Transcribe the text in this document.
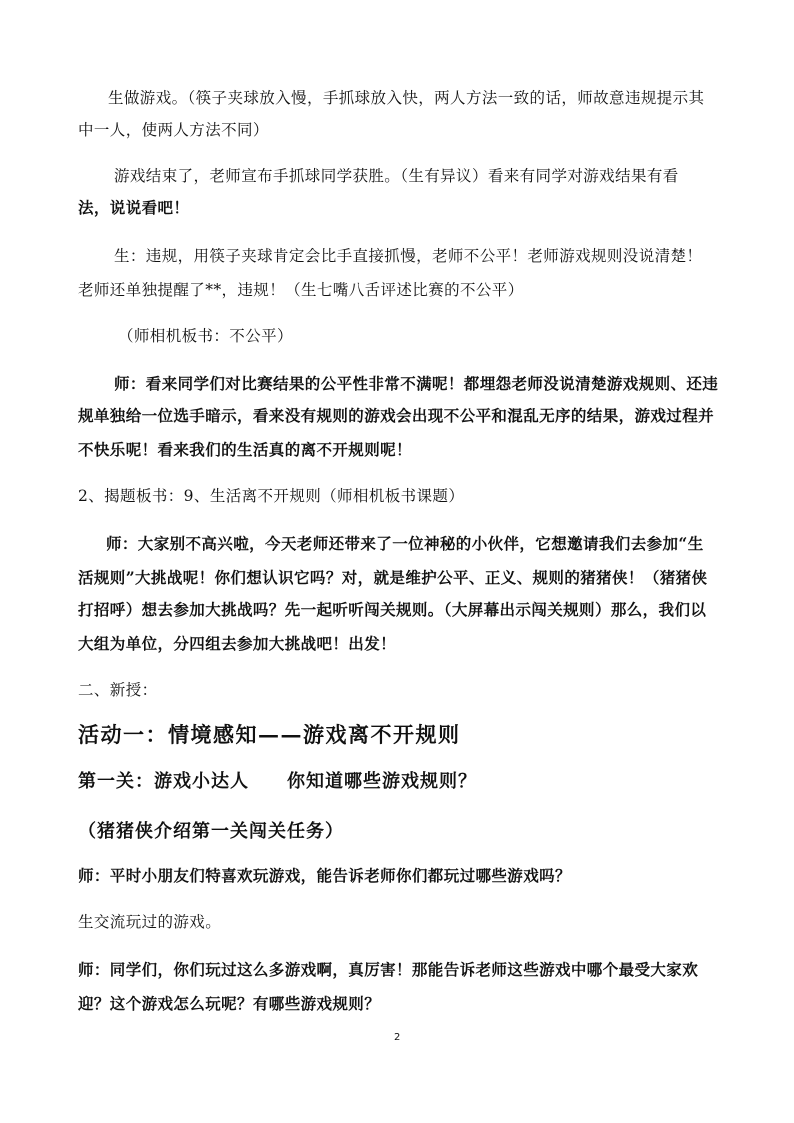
生做游戏。（筷子夹球放入慢，手抓球放入快，两人方法一致的话，师故意违规提示其
中一人，使两人方法不同）
游戏结束了，老师宣布手抓球同学获胜。（生有异议）看来有同学对游戏结果有看
法，说说看吧！
生：违规，用筷子夹球肯定会比手直接抓慢，老师不公平！老师游戏规则没说清楚！
老师还单独提醒了**，违规！（生七嘴八舌评述比赛的不公平）
（师相机板书：不公平）
师：看来同学们对比赛结果的公平性非常不满呢！都埋怨老师没说清楚游戏规则、还违
规单独给一位选手暗示，看来没有规则的游戏会出现不公平和混乱无序的结果，游戏过程并
不快乐呢！看来我们的生活真的离不开规则呢！
2、揭题板书：9、生活离不开规则（师相机板书课题）
师：大家别不高兴啦，今天老师还带来了一位神秘的小伙伴，它想邀请我们去参加“生
活规则”大挑战呢！你们想认识它吗？对，就是维护公平、正义、规则的猪猪侠！（猪猪侠
打招呼）想去参加大挑战吗？先一起听听闯关规则。（大屏幕出示闯关规则）那么，我们以
大组为单位，分四组去参加大挑战吧！出发！
二、新授：
活动一：情境感知——游戏离不开规则
第一关：游戏小达人　　你知道哪些游戏规则？
（猪猪侠介绍第一关闯关任务）
师：平时小朋友们特喜欢玩游戏，能告诉老师你们都玩过哪些游戏吗？
生交流玩过的游戏。
师：同学们，你们玩过这么多游戏啊，真厉害！那能告诉老师这些游戏中哪个最受大家欢
迎？这个游戏怎么玩呢？有哪些游戏规则？
2
